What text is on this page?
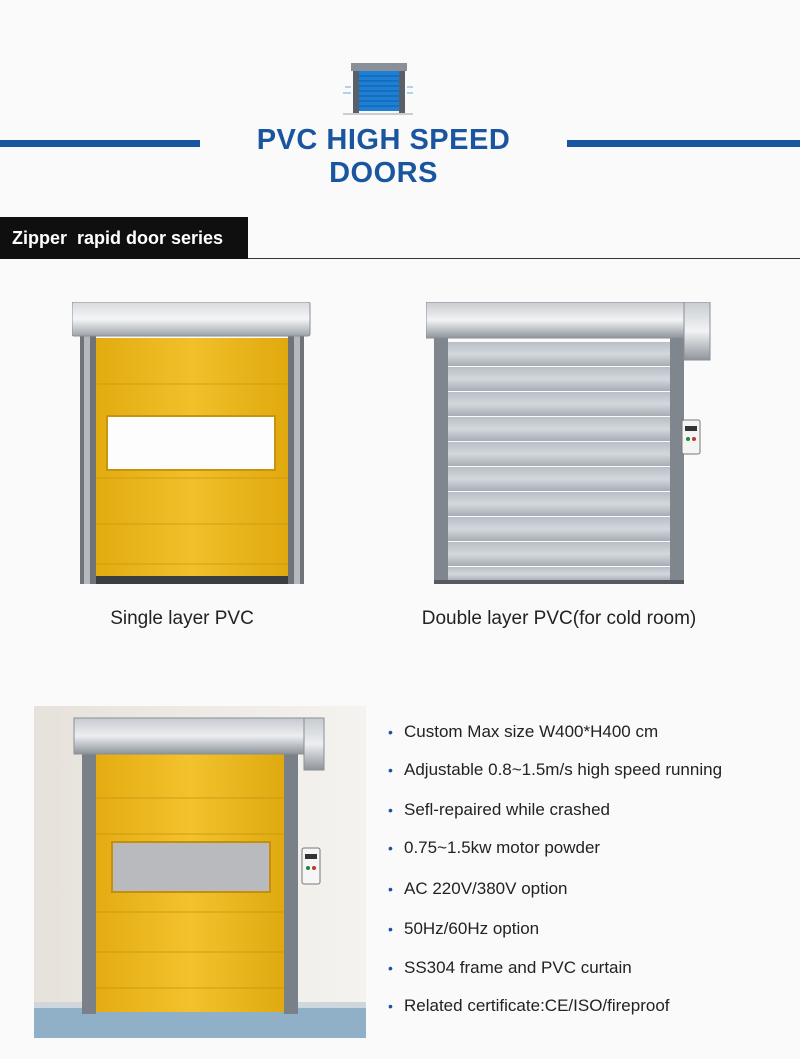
PVC HIGH SPEED DOORS
Zipper  rapid door series
Single layer PVC	Double layer PVC(for cold room)
• Custom Max size W400*H400 cm
• Adjustable 0.8~1.5m/s high speed running
• Sefl-repaired while crashed
• 0.75~1.5kw motor powder
• AC 220V/380V option
• 50Hz/60Hz option
• SS304 frame and PVC curtain
• Related certificate:CE/ISO/fireproof
